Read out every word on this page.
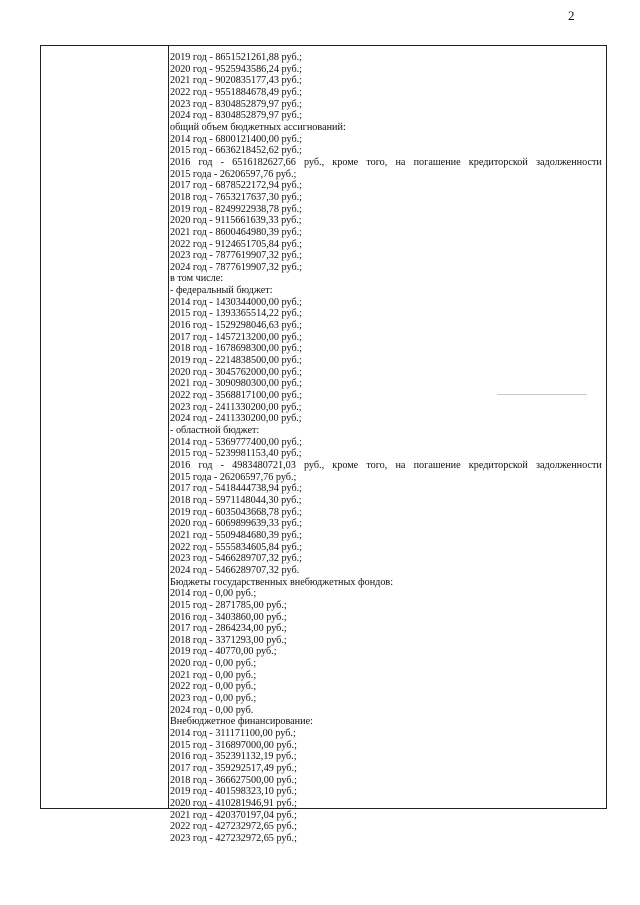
2
2019 год - 8651521261,88 руб.;
2020 год - 9525943586,24 руб.;
2021 год - 9020835177,43 руб.;
2022 год - 9551884678,49 руб.;
2023 год - 8304852879,97 руб.;
2024 год - 8304852879,97 руб.;
общий объем бюджетных ассигнований:
2014 год - 6800121400,00 руб.;
2015 год - 6636218452,62 руб.;
2016 год - 6516182627,66 руб., кроме того, на погашение кредиторской задолженности
2015 года - 26206597,76 руб.;
2017 год - 6878522172,94 руб.;
2018 год - 7653217637,30 руб.;
2019 год - 8249922938,78 руб.;
2020 год - 9115661639,33 руб.;
2021 год - 8600464980,39 руб.;
2022 год - 9124651705,84 руб.;
2023 год - 7877619907,32 руб.;
2024 год - 7877619907,32 руб.;
в том числе:
- федеральный бюджет:
2014 год - 1430344000,00 руб.;
2015 год - 1393365514,22 руб.;
2016 год - 1529298046,63 руб.;
2017 год - 1457213200,00 руб.;
2018 год - 1678698300,00 руб.;
2019 год - 2214838500,00 руб.;
2020 год - 3045762000,00 руб.;
2021 год - 3090980300,00 руб.;
2022 год - 3568817100,00 руб.;
2023 год - 2411330200,00 руб.;
2024 год - 2411330200,00 руб.;
- областной бюджет:
2014 год - 5369777400,00 руб.;
2015 год - 5239981153,40 руб.;
2016 год - 4983480721,03 руб., кроме того, на погашение кредиторской задолженности
2015 года - 26206597,76 руб.;
2017 год - 5418444738,94 руб.;
2018 год - 5971148044,30 руб.;
2019 год - 6035043668,78 руб.;
2020 год - 6069899639,33 руб.;
2021 год - 5509484680,39 руб.;
2022 год - 5555834605,84 руб.;
2023 год - 5466289707,32 руб.;
2024 год - 5466289707,32 руб.
Бюджеты государственных внебюджетных фондов:
2014 год - 0,00 руб.;
2015 год - 2871785,00 руб.;
2016 год - 3403860,00 руб.;
2017 год - 2864234,00 руб.;
2018 год - 3371293,00 руб.;
2019 год - 40770,00 руб.;
2020 год - 0,00 руб.;
2021 год - 0,00 руб.;
2022 год - 0,00 руб.;
2023 год - 0,00 руб.;
2024 год - 0,00 руб.
Внебюджетное финансирование:
2014 год - 311171100,00 руб.;
2015 год - 316897000,00 руб.;
2016 год - 352391132,19 руб.;
2017 год - 359292517,49 руб.;
2018 год - 366627500,00 руб.;
2019 год - 401598323,10 руб.;
2020 год - 410281946,91 руб.;
2021 год - 420370197,04 руб.;
2022 год - 427232972,65 руб.;
2023 год - 427232972,65 руб.;
